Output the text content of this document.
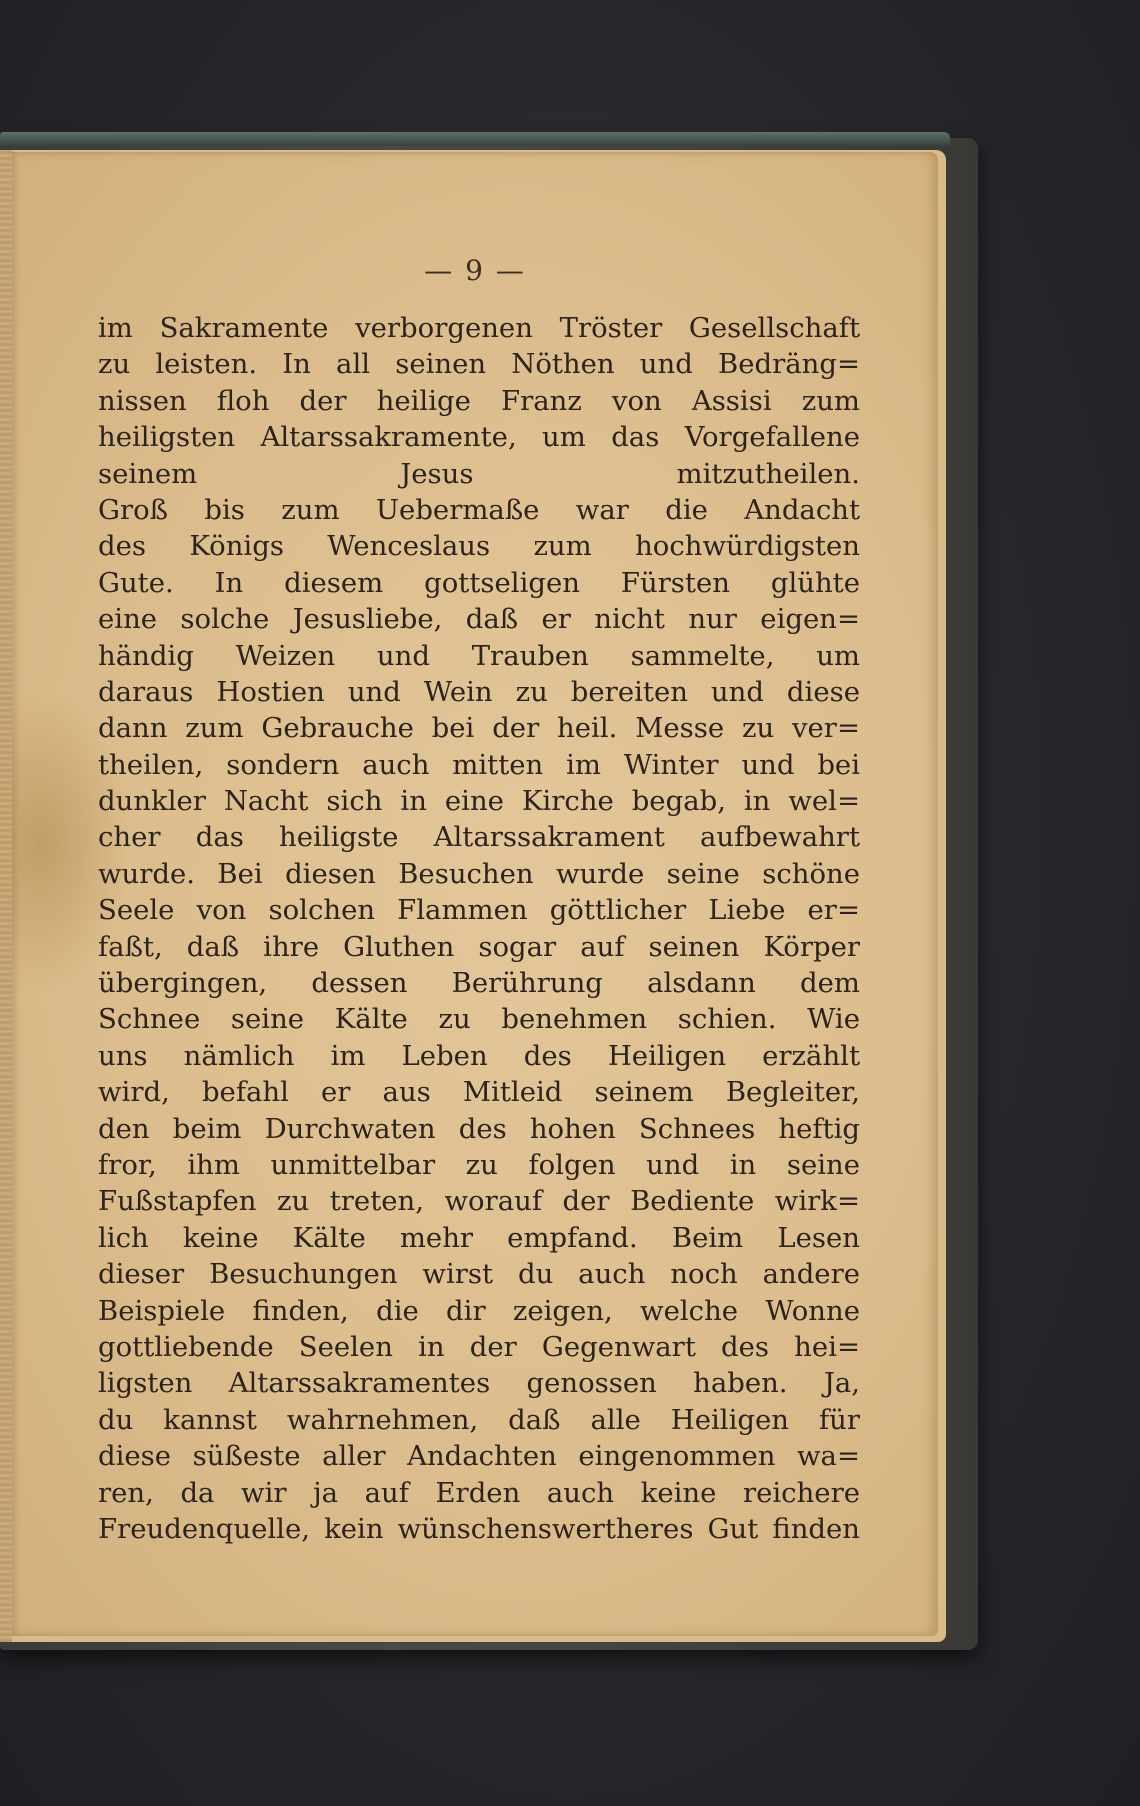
— 9 —
im Sakramente verborgenen Tröster Gesellschaft
zu leisten. In all seinen Nöthen und Bedräng=
nissen floh der heilige Franz von Assisi zum
heiligsten Altarssakramente, um das Vorgefallene
seinem Jesus mitzutheilen.
Groß bis zum Uebermaße war die Andacht
des Königs Wenceslaus zum hochwürdigsten
Gute. In diesem gottseligen Fürsten glühte
eine solche Jesusliebe, daß er nicht nur eigen=
händig Weizen und Trauben sammelte, um
daraus Hostien und Wein zu bereiten und diese
dann zum Gebrauche bei der heil. Messe zu ver=
theilen, sondern auch mitten im Winter und bei
dunkler Nacht sich in eine Kirche begab, in wel=
cher das heiligste Altarssakrament aufbewahrt
wurde. Bei diesen Besuchen wurde seine schöne
Seele von solchen Flammen göttlicher Liebe er=
faßt, daß ihre Gluthen sogar auf seinen Körper
übergingen, dessen Berührung alsdann dem
Schnee seine Kälte zu benehmen schien. Wie
uns nämlich im Leben des Heiligen erzählt
wird, befahl er aus Mitleid seinem Begleiter,
den beim Durchwaten des hohen Schnees heftig
fror, ihm unmittelbar zu folgen und in seine
Fußstapfen zu treten, worauf der Bediente wirk=
lich keine Kälte mehr empfand. Beim Lesen
dieser Besuchungen wirst du auch noch andere
Beispiele finden, die dir zeigen, welche Wonne
gottliebende Seelen in der Gegenwart des hei=
ligsten Altarssakramentes genossen haben. Ja,
du kannst wahrnehmen, daß alle Heiligen für
diese süßeste aller Andachten eingenommen wa=
ren, da wir ja auf Erden auch keine reichere
Freudenquelle, kein wünschenswertheres Gut finden
